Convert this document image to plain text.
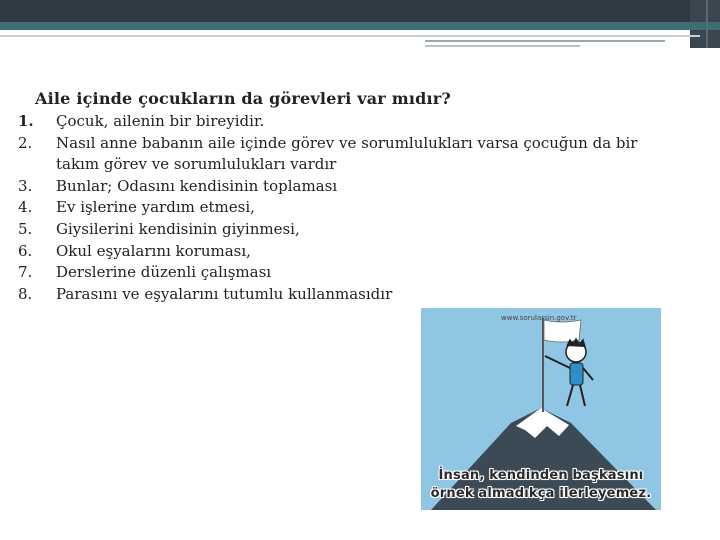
Aile içinde çocukların da görevleri var mıdır?
1.	Çocuk, ailenin bir bireyidir.
2.	Nasıl anne babanın aile içinde görev ve sorumlulukları varsa çocuğun da bir takım görev ve sorumlulukları vardır
3.	Bunlar; Odasını kendisinin toplaması
4.	Ev işlerine yardım etmesi,
5.	Giysilerini kendisinin giyinmesi,
6.	Okul eşyalarını koruması,
7.	Derslerine düzenli çalışması
8.	Parasını ve eşyalarını tutumlu kullanmasıdır
www.sorularsin.gov.tr
İnsan, kendinden başkasını
örnek almadıkça ilerleyemez.
